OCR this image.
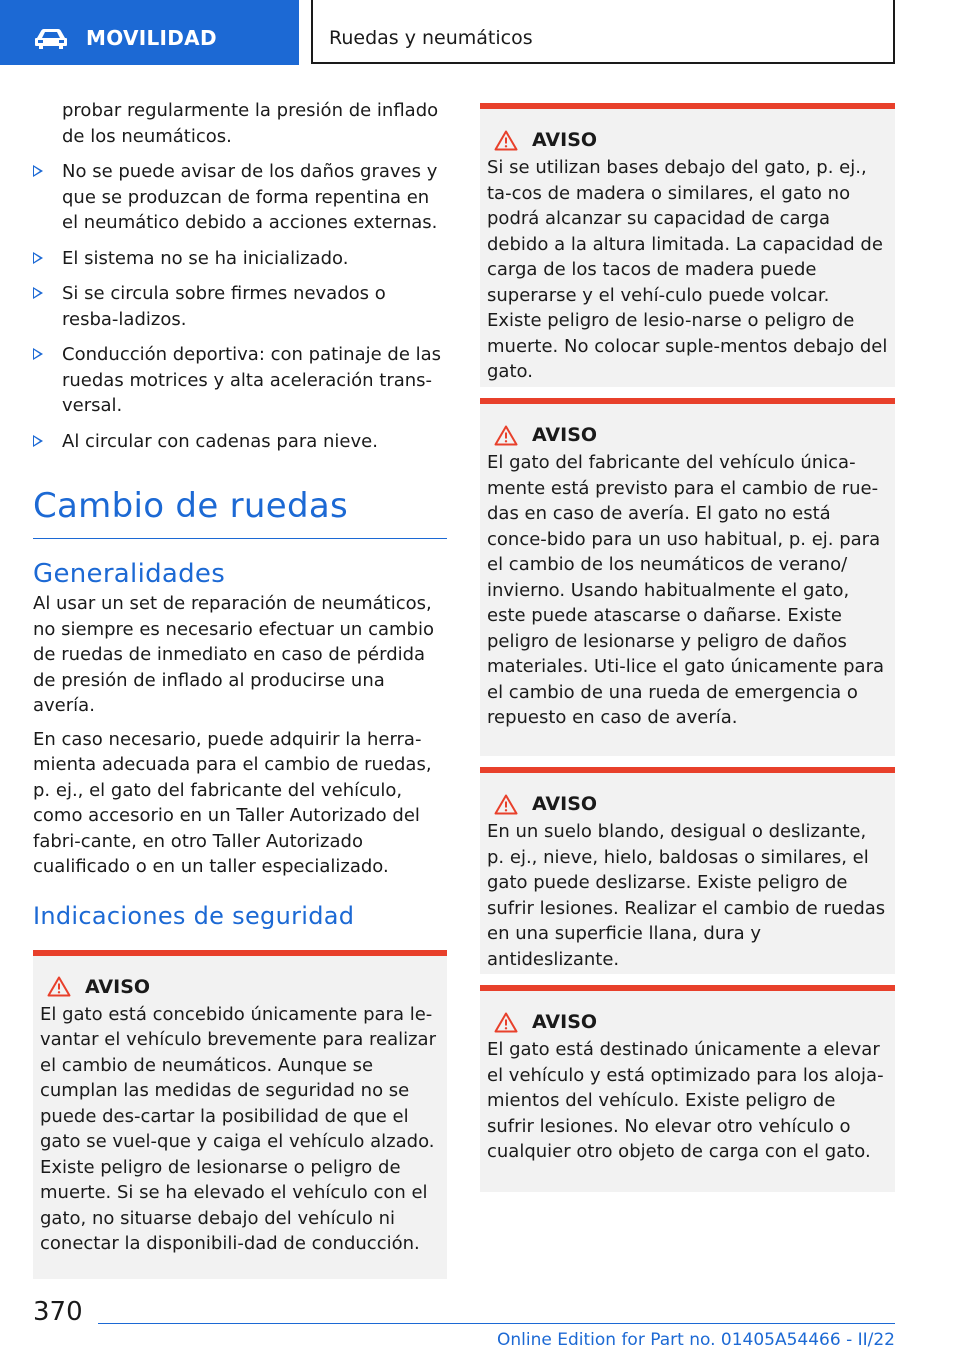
MOVILIDAD	Ruedas y neumáticos
probar regularmente la presión de inflado de los neumáticos.
No se puede avisar de los daños graves y que se produzcan de forma repentina en el neumático debido a acciones externas.
El sistema no se ha inicializado.
Si se circula sobre firmes nevados o resba-ladizos.
Conducción deportiva: con patinaje de las ruedas motrices y alta aceleración trans-versal.
Al circular con cadenas para nieve.
Cambio de ruedas
Generalidades

Al usar un set de reparación de neumáticos, no siempre es necesario efectuar un cambio de ruedas de inmediato en caso de pérdida de presión de inflado al producirse una avería.

En caso necesario, puede adquirir la herra-mienta adecuada para el cambio de ruedas, p. ej., el gato del fabricante del vehículo, como accesorio en un Taller Autorizado del fabri-cante, en otro Taller Autorizado cualificado o en un taller especializado.

Indicaciones de seguridad
AVISO
El gato está concebido únicamente para le-vantar el vehículo brevemente para realizar el cambio de neumáticos. Aunque se cumplan las medidas de seguridad no se puede des-cartar la posibilidad de que el gato se vuel-que y caiga el vehículo alzado. Existe peligro de lesionarse o peligro de muerte. Si se ha elevado el vehículo con el gato, no situarse debajo del vehículo ni conectar la disponibili-dad de conducción.
AVISO
Si se utilizan bases debajo del gato, p. ej., ta-cos de madera o similares, el gato no podrá alcanzar su capacidad de carga debido a la altura limitada. La capacidad de carga de los tacos de madera puede superarse y el vehí-culo puede volcar. Existe peligro de lesio-narse o peligro de muerte. No colocar suple-mentos debajo del gato.
AVISO
El gato del fabricante del vehículo única-mente está previsto para el cambio de rue-das en caso de avería. El gato no está conce-bido para un uso habitual, p. ej. para el cambio de los neumáticos de verano/ invierno. Usando habitualmente el gato, este puede atascarse o dañarse. Existe peligro de lesionarse y peligro de daños materiales. Uti-lice el gato únicamente para el cambio de una rueda de emergencia o repuesto en caso de avería.
AVISO
En un suelo blando, desigual o deslizante, p. ej., nieve, hielo, baldosas o similares, el gato puede deslizarse. Existe peligro de sufrir lesiones. Realizar el cambio de ruedas en una superficie llana, dura y antideslizante.
AVISO
El gato está destinado únicamente a elevar el vehículo y está optimizado para los aloja-mientos del vehículo. Existe peligro de sufrir lesiones. No elevar otro vehículo o cualquier otro objeto de carga con el gato.
370
Online Edition for Part no. 01405A54466 - II/22
